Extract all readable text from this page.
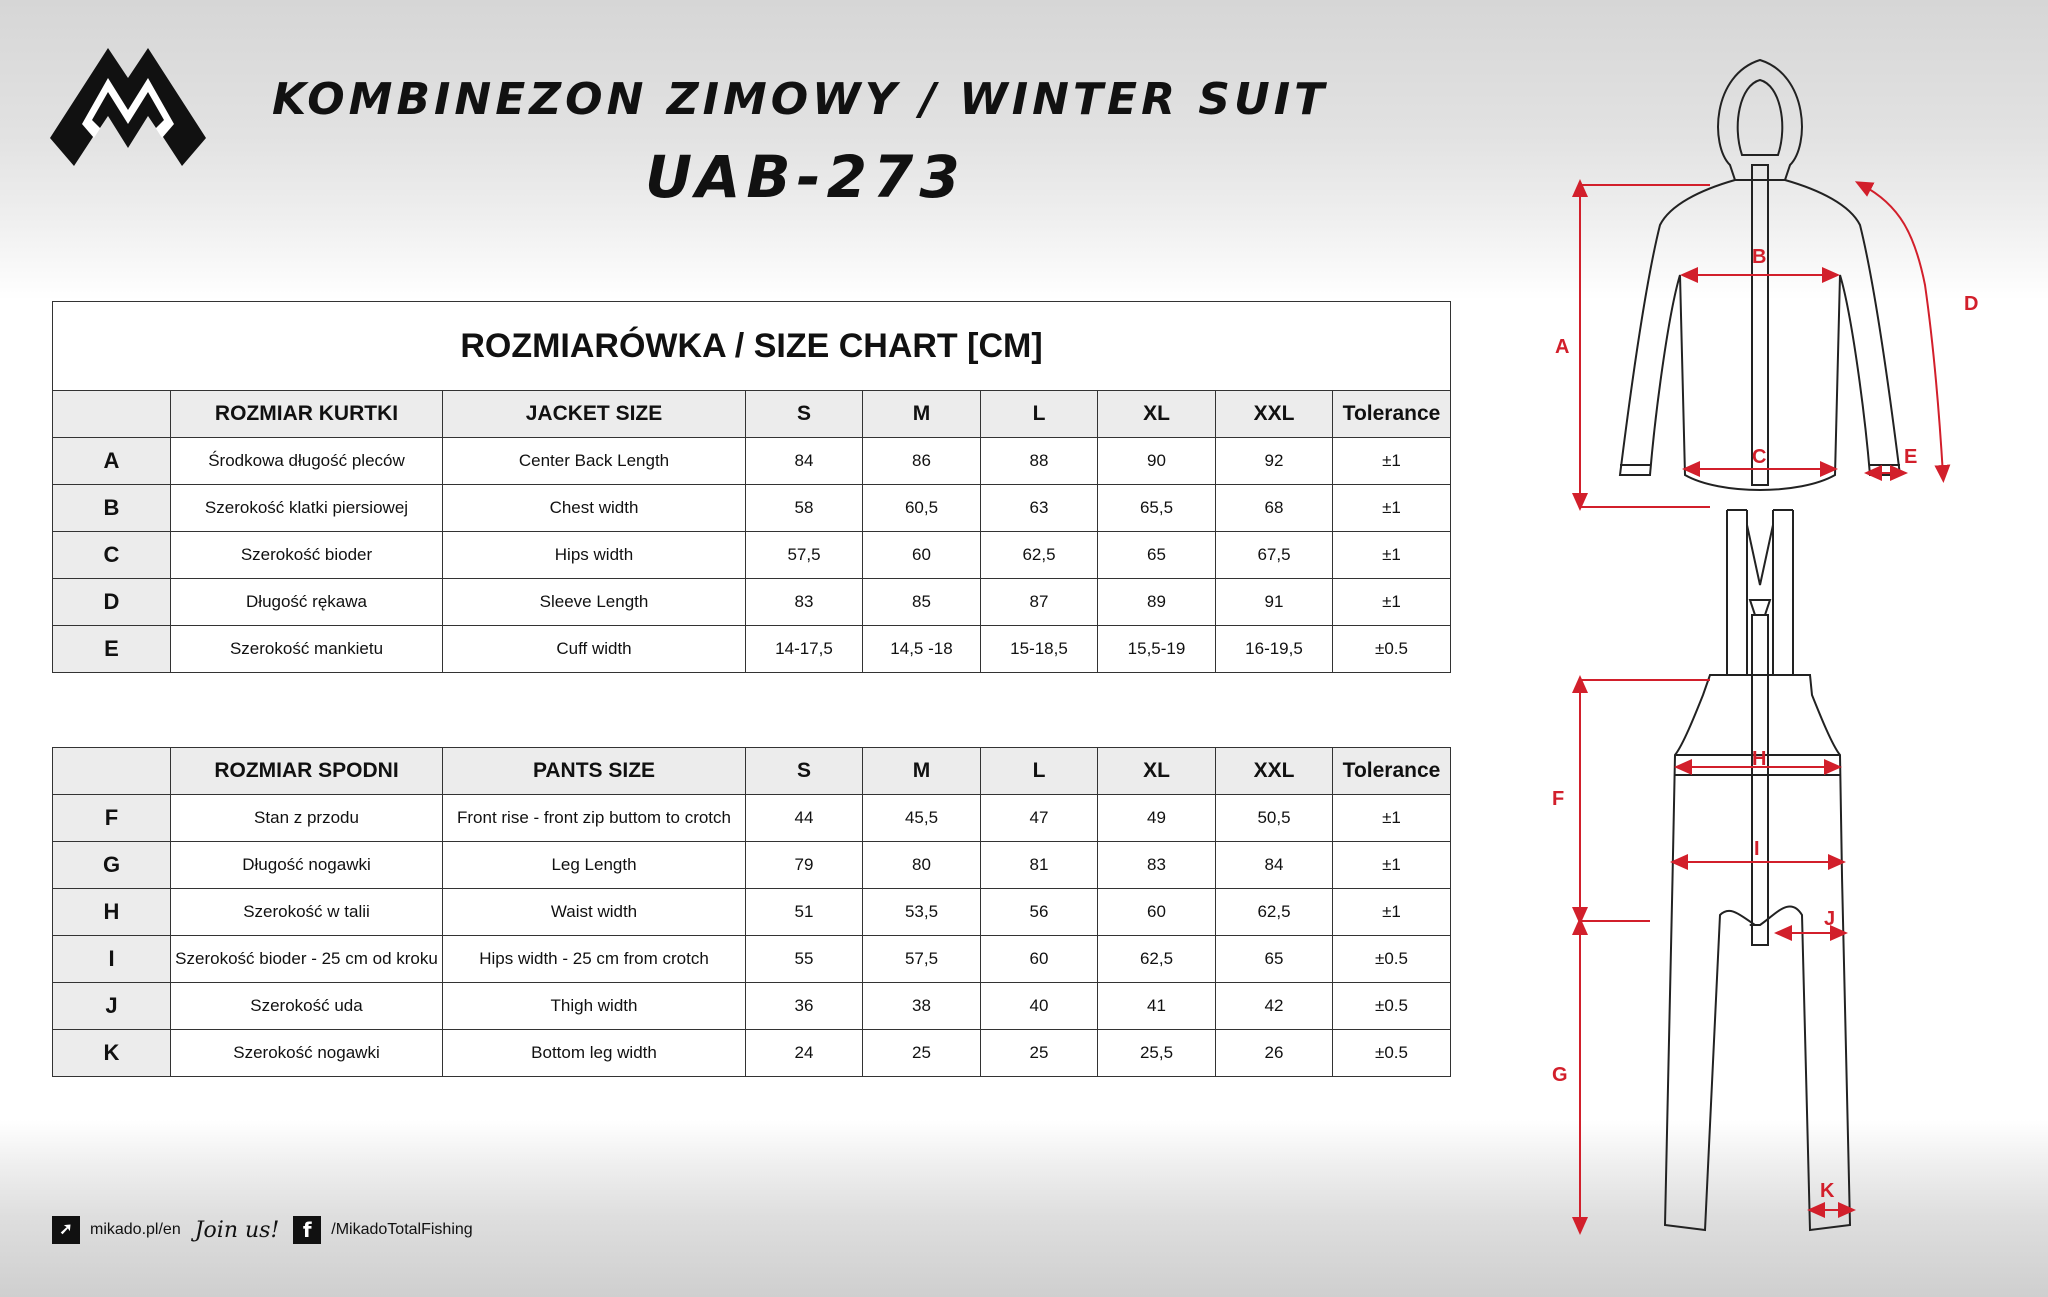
KOMBINEZON ZIMOWY / WINTER SUIT
UAB-273
ROZMIARÓWKA / SIZE CHART [CM]								
	ROZMIAR KURTKI	JACKET SIZE	S	M	L	XL	XXL	Tolerance
A	Środkowa długość pleców	Center Back Length	84	86	88	90	92	±1
B	Szerokość klatki piersiowej	Chest width	58	60,5	63	65,5	68	±1
C	Szerokość bioder	Hips width	57,5	60	62,5	65	67,5	±1
D	Długość rękawa	Sleeve Length	83	85	87	89	91	±1
E	Szerokość mankietu	Cuff width	14-17,5	14,5 -18	15-18,5	15,5-19	16-19,5	±0.5
	ROZMIAR SPODNI	PANTS SIZE	S	M	L	XL	XXL	Tolerance
F	Stan z przodu	Front rise - front zip buttom to crotch	44	45,5	47	49	50,5	±1
G	Długość nogawki	Leg Length	79	80	81	83	84	±1
H	Szerokość w talii	Waist width	51	53,5	56	60	62,5	±1
I	Szerokość bioder - 25 cm od kroku	Hips width - 25 cm from crotch	55	57,5	60	62,5	65	±0.5
J	Szerokość uda	Thigh width	36	38	40	41	42	±0.5
K	Szerokość nogawki	Bottom leg width	24	25	25	25,5	26	±0.5
➚	mikado.pl/en Join us!	f	/MikadoTotalFishing
A
B
C
D
E
F
H
I
J
G
K
